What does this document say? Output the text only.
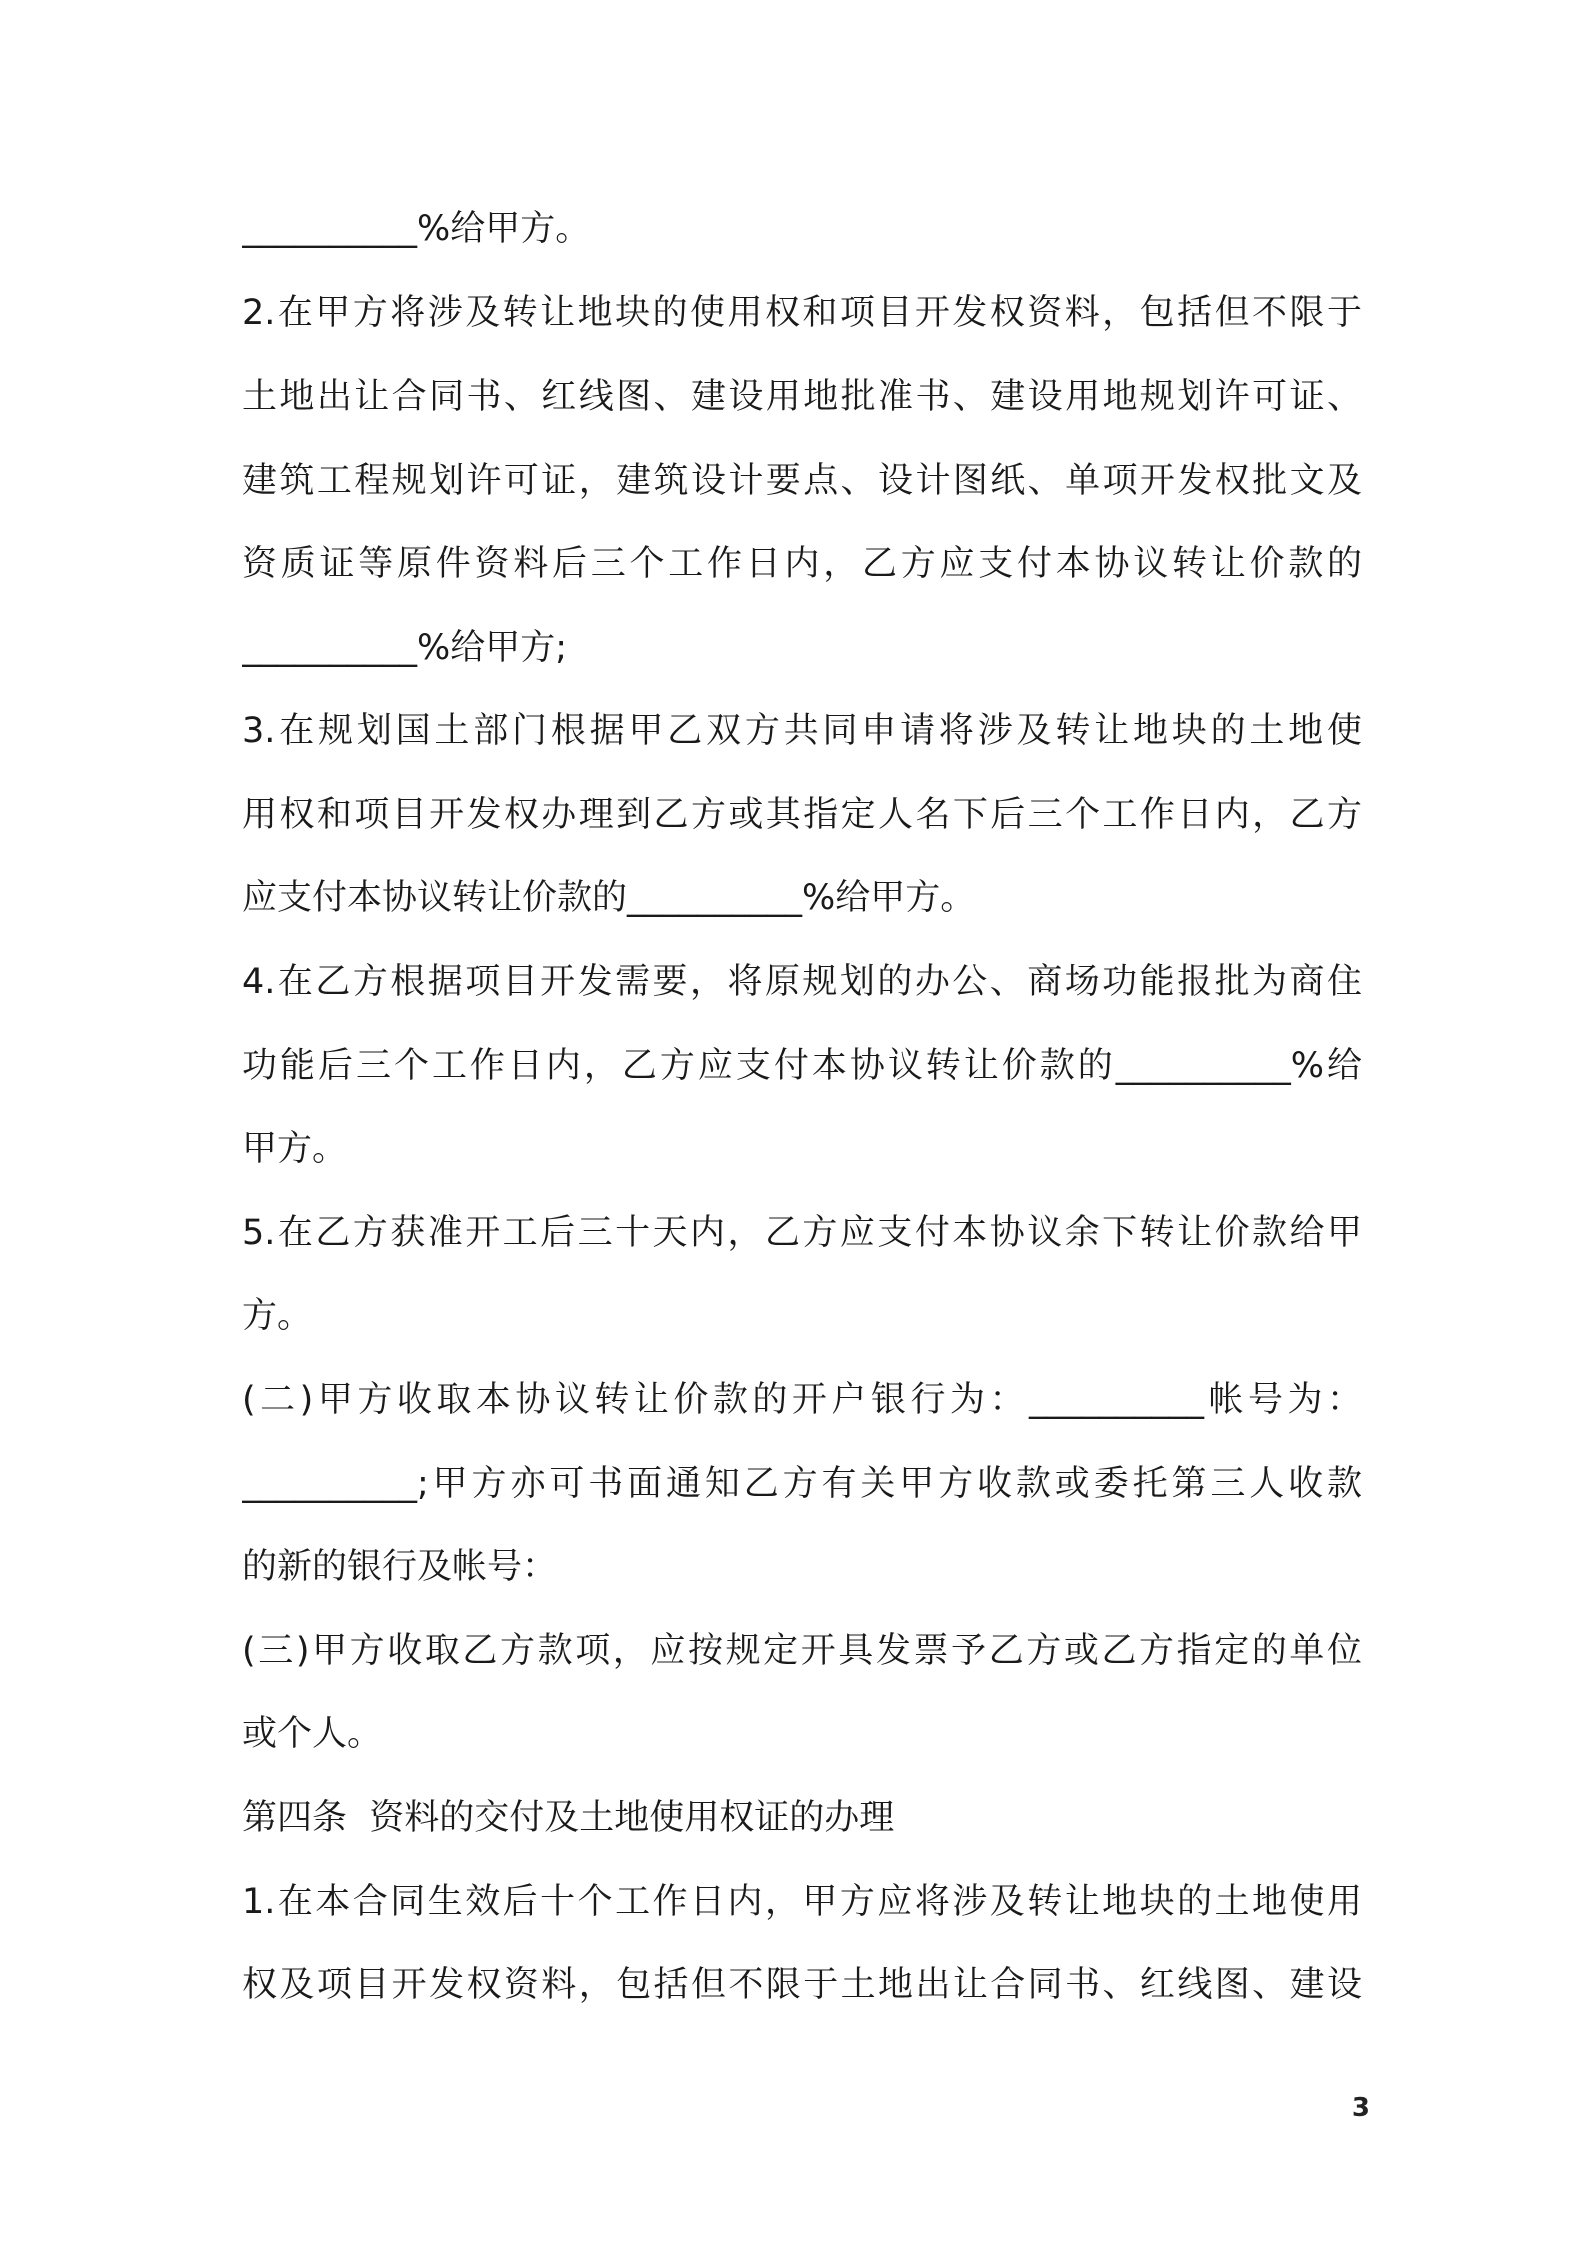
__________%给甲方。
2.在甲方将涉及转让地块的使用权和项目开发权资料，包括但不限于
土地出让合同书、红线图、建设用地批准书、建设用地规划许可证、
建筑工程规划许可证，建筑设计要点、设计图纸、单项开发权批文及
资质证等原件资料后三个工作日内，乙方应支付本协议转让价款的
__________%给甲方;
3.在规划国土部门根据甲乙双方共同申请将涉及转让地块的土地使
用权和项目开发权办理到乙方或其指定人名下后三个工作日内，乙方
应支付本协议转让价款的__________%给甲方。
4.在乙方根据项目开发需要，将原规划的办公、商场功能报批为商住
功能后三个工作日内，乙方应支付本协议转让价款的__________%给
甲方。
5.在乙方获准开工后三十天内，乙方应支付本协议余下转让价款给甲
方。
(二)甲方收取本协议转让价款的开户银行为：__________帐号为：
__________;甲方亦可书面通知乙方有关甲方收款或委托第三人收款
的新的银行及帐号：
(三)甲方收取乙方款项，应按规定开具发票予乙方或乙方指定的单位
或个人。
第四条  资料的交付及土地使用权证的办理
1.在本合同生效后十个工作日内，甲方应将涉及转让地块的土地使用
权及项目开发权资料，包括但不限于土地出让合同书、红线图、建设
3
